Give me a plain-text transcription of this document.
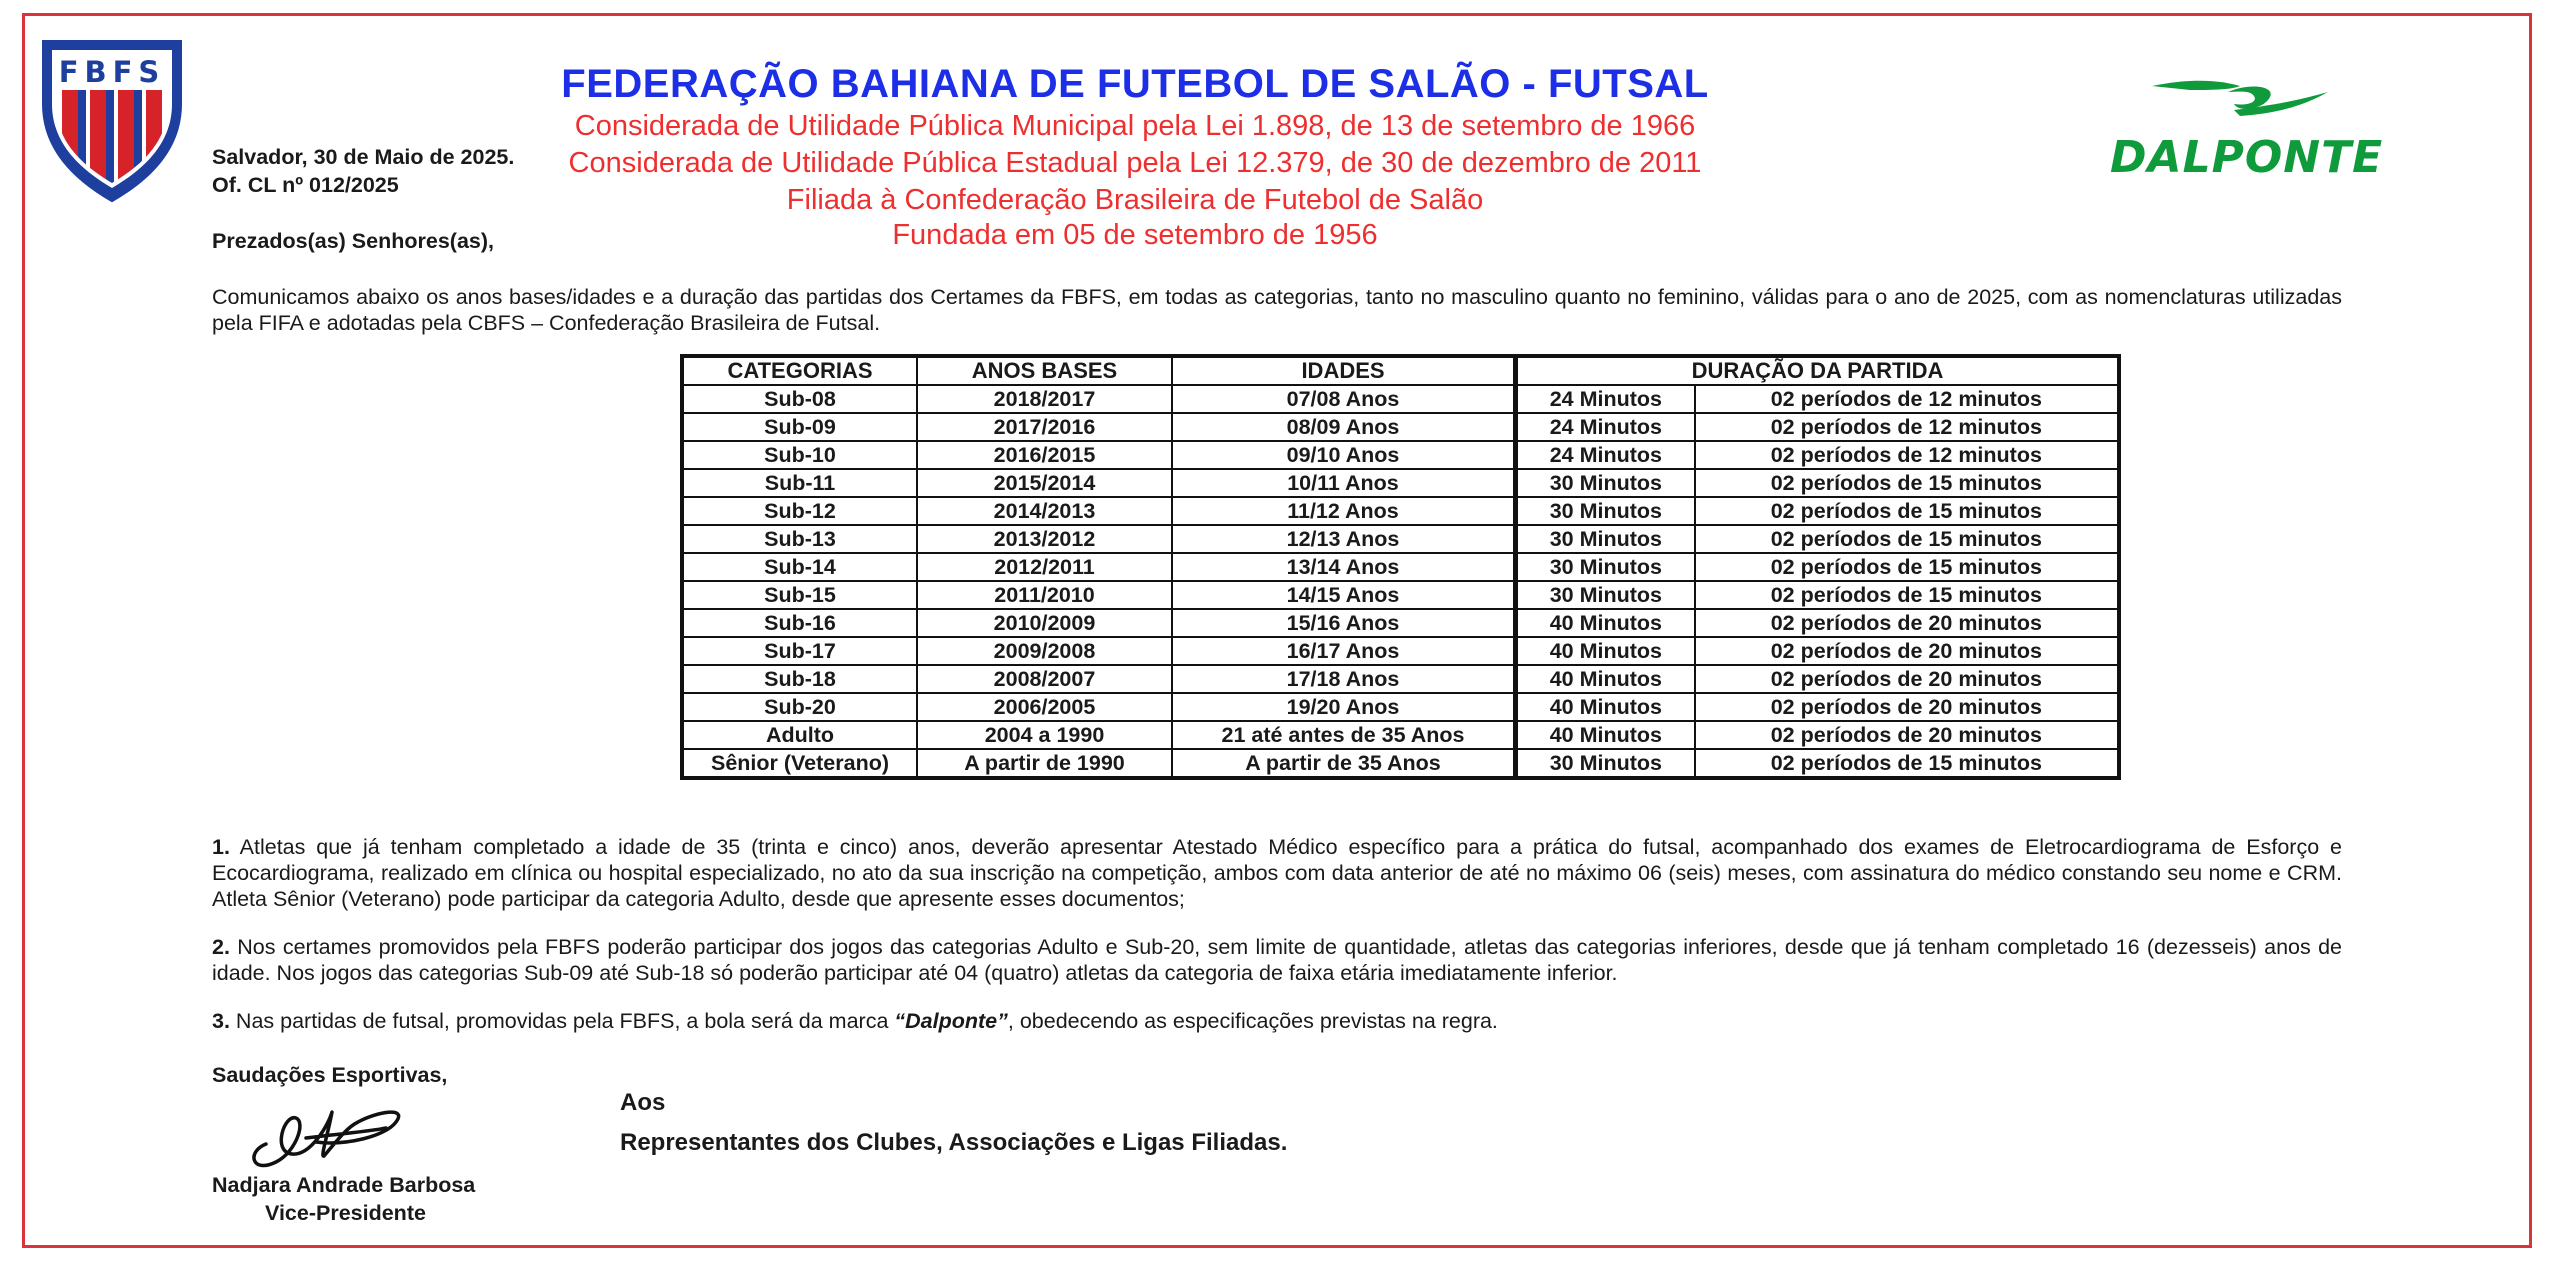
FBFS
DALPONTE
FEDERAÇÃO BAHIANA DE FUTEBOL DE SALÃO - FUTSAL
Considerada de Utilidade Pública Municipal pela Lei 1.898, de 13 de setembro de 1966
Considerada de Utilidade Pública Estadual pela Lei 12.379, de 30 de dezembro de 2011
Filiada à Confederação Brasileira de Futebol de Salão
Fundada em 05 de setembro de 1956
Salvador, 30 de Maio de 2025.
Of. CL nº 012/2025
Prezados(as) Senhores(as),
Comunicamos abaixo os anos bases/idades e a duração das partidas dos Certames da FBFS, em todas as categorias, tanto no masculino quanto no feminino, válidas para o ano de 2025, com as nomenclaturas utilizadas pela FIFA e adotadas pela CBFS – Confederação Brasileira de Futsal.
CATEGORIAS	ANOS BASES	IDADES	DURAÇÃO DA PARTIDA	
Sub-08	2018/2017	07/08 Anos	24 Minutos	02 períodos de 12 minutos
Sub-09	2017/2016	08/09 Anos	24 Minutos	02 períodos de 12 minutos
Sub-10	2016/2015	09/10 Anos	24 Minutos	02 períodos de 12 minutos
Sub-11	2015/2014	10/11 Anos	30 Minutos	02 períodos de 15 minutos
Sub-12	2014/2013	11/12 Anos	30 Minutos	02 períodos de 15 minutos
Sub-13	2013/2012	12/13 Anos	30 Minutos	02 períodos de 15 minutos
Sub-14	2012/2011	13/14 Anos	30 Minutos	02 períodos de 15 minutos
Sub-15	2011/2010	14/15 Anos	30 Minutos	02 períodos de 15 minutos
Sub-16	2010/2009	15/16 Anos	40 Minutos	02 períodos de 20 minutos
Sub-17	2009/2008	16/17 Anos	40 Minutos	02 períodos de 20 minutos
Sub-18	2008/2007	17/18 Anos	40 Minutos	02 períodos de 20 minutos
Sub-20	2006/2005	19/20 Anos	40 Minutos	02 períodos de 20 minutos
Adulto	2004 a 1990	21 até antes de 35 Anos	40 Minutos	02 períodos de 20 minutos
Sênior (Veterano)	A partir de 1990	A partir de 35 Anos	30 Minutos	02 períodos de 15 minutos
1. Atletas que já tenham completado a idade de 35 (trinta e cinco) anos, deverão apresentar Atestado Médico específico para a prática do futsal, acompanhado dos exames de Eletrocardiograma de Esforço e Ecocardiograma, realizado em clínica ou hospital especializado, no ato da sua inscrição na competição, ambos com data anterior de até no máximo 06 (seis) meses, com assinatura do médico constando seu nome e CRM. Atleta Sênior (Veterano) pode participar da categoria Adulto, desde que apresente esses documentos;
2. Nos certames promovidos pela FBFS poderão participar dos jogos das categorias Adulto e Sub-20, sem limite de quantidade, atletas das categorias inferiores, desde que já tenham completado 16 (dezesseis) anos de idade. Nos jogos das categorias Sub-09 até Sub-18 só poderão participar até 04 (quatro) atletas da categoria de faixa etária imediatamente inferior.
3. Nas partidas de futsal, promovidas pela FBFS, a bola será da marca “Dalponte”, obedecendo as especificações previstas na regra.
Saudações Esportivas,
Nadjara Andrade Barbosa
Vice-Presidente
Aos
Representantes dos Clubes, Associações e Ligas Filiadas.
